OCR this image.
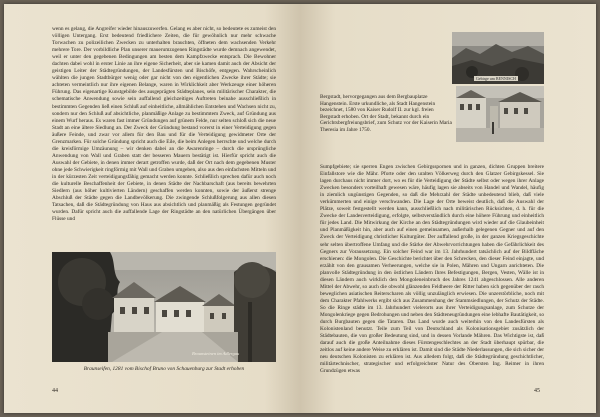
wenn es gelang, die Angreifer wieder hinauszuwerfen. Gelang es aber nicht, so bedeutete es zumeist den völligen Untergang. Erst bedeutend friedlichere Zeiten, die für gewöhnlich nur mehr schwache Torwachen zu polizeilichen Zwecken zu unterhalten brauchten, öffneten dem wachsenden Verkehr mehrere Tore. Der vorbildliche Plan unserer mauerumzogenen Ringstädte wurde demnach angewendet, weil er unter den gegebenen Bedingungen am besten dem Kampfzwecke entsprach. Die Bewohner dachten dabei wohl in erster Linie an ihre eigene Sicherheit, aber sie kamen damit auch der Absicht der geistigen Leiter der Städtegründungen, der Landesfürsten und Bischöfe, entgegen. Wahrscheinlich wählten die jungen Stadtbürger wenig oder gar nicht von den eigentlichen Zwecke ihrer Städte; sie achteten vermeintlich nur ihre eigenen Belange, waren in Wirklichkeit aber Werkzeuge einer höheren Führung. Das eigenartige Kunstgebilde des ausgeprägten Städteplanes, sein militärischer Charakter, die schematische Anwendung sowie sein auffallend gleichzeitiges Auftreten beinahe ausschließlich in bestimmten Gegenden ließ einen Schluß auf einheitliche, allmählichen Entstehen und Wachsen nicht zu, sondern nur den Schluß auf absichtliche, planmäßige Anlage zu bestimmtem Zweck, auf Gründung aus einem Wurf heraus. Es waren fast immer Gründungen auf grünem Felde, nur selten schloß sich die neue Stadt an eine ältere Siedlung an. Der Zweck der Gründung bestand vorerst in einer Verteidigung gegen äußere Feinde, und zwar vor allem für den Bau und für die Verteidigung gewidmeter Orte der Grenzmarken. Für solche Gründung spricht auch die Eile, die beim Anlegen herrschte und welche durch die kreisförmige Umzäunung – wir denken dabei an die Awarenringe – durch die ursprüngliche Anwendung von Wall und Graben statt der besseren Mauern bestätigt ist. Hierfür spricht auch die Auswahl der Gebiete, in denen immer derart getroffen wurde, daß der Ort nach dem gegebenen Muster ohne jede Schwierigkeit ringförmig mit Wall und Graben umgeben, also aus den einfachsten Mitteln und in der kürzesten Zeit verteidigungsfähig gemacht werden konnte. Schließlich sprechen dafür auch noch die kulturelle Beschaffenheit der Gebiete, in denen Städte der Nachbarschaft (aus bereits bewehrten Siedlern (aus höher kultivierten Ländern) geschaffen werden konnten, sowie der äußerst strenge Abschluß der Städte gegen die Landbevölkerung. Die zwingende Schlußfolgerung aus allen diesen Tatsachen, daß die Städtegründung von Haus aus absichtlich und planmäßig als Festungen gegründet wurden. Dafür spricht auch die auffallende Lage der Ringstädte an den natürlichen Übergängen über Flüsse und
Braunsteinen im Adlergau
Braunseifen, 1281 vom Bischof Bruno von Schauenburg zur Stadt erhoben
44
Gebirge um BENNISCH
Bergstadt, hervorgegangen aus dem Bergbauplatze Hangenstein. Erste urkundliche, als Stadt Hangenstein bezeichnet, 1580 von Kaiser Rudolf II. zur kgl. freien Bergstadt erhoben. Ort der Stadt, bekannt durch ein Gerichtsbergfreiungsbrief, zum Schutz vor der Kaiserin Maria Theresia im Jahre 1750.
Sumpfgebiete; sie sperren Engen zwischen Gebirgsspornen und in ganzen, dichten Gruppen breitere Einfallstore wie die Mähr. Pforte oder den uralten Völkerweg durch den Glatzer Gebirgskessel. Sie lagen durchaus nicht immer dort, wo es für die Verteidigung der Städte selbst oder wegen ihrer Anlage Zwecken besonders vorteilhaft gewesen wäre, häufig lagen sie abseits von Handel und Wandel, häufig in ziemlich ungünstigen Gegenden, so daß die Mehrzahl der Städte unbedeutend blieb, daß viele verkümmerten und einige verschwanden. Die Lage der Orte beweist deutlich, daß die Auswahl der Plätze, soweit festgestellt werden kann, ausschließlich nach militärischen Rücksichten, d. h. für die Zwecke der Landesverteidigung, erfolgte, selbstverständlich durch eine höhere Führung und einheitlich für jedes Land. Die Mitwirkung der Kirche an den Städtegründungen wird wieder auf die Glaubeinheit und Planmäßigkeit hin, aber auch auf einen gemeinsamen, außerhalb gelegenen Gegner und auf den Zweck der Verteidigung christlicher Kulturgüter. Der auffallend große, in der ganzen Kriegsgeschichte sehr selten übertroffene Umfang und die Stärke der Abwehrvorrichtungen haben die Gefährlichkeit des Gegners zur Voraussetzung. Ein solcher Feind war im 13. Jahrhundert tatsächlich auf der Bildfläche erschienen: die Mongolen. Die Geschichte berichtet über den Schrecken, den dieser Feind einjagte, und erzählt von den grausamen Verheerungen, welche sie in Polen, Mähren und Ungarn anrichteten. Die planvolle Städtegründung in den östlichen Ländern Ihres Befestigungen, Bergen, Vesten, Wälle ist in diesen Ländern auch wirklich den Mongoleneinbruch des Jahres 1241 abgeschlossen. Alle anderen Mittel der Abwehr, so auch die obwohl glänzenden Feldheere der Ritter haben sich gegenüber der rasch beweglichen asiatischen Reiterscharen als völlig unzulänglich erwiesen. Die unzerstörbliche, noch mit dem Charakter Pfahlwerks ergibt sich aus Zusammenhang der Stammsiedlungen, der Schutz der Städte. So die Ringe städte im 13. Jahrhundert vielerorts aus ihrer Verteidigungsanlage, zum Schutze der Mongolenkriege gegen Bedrohungen und neben den Städteneugründungen eine lebhafte Bautätigkeit, so durch Burgbauten gegen die Tataren. Das Land wurde auch weiterhin von den Landesfürsten als Kolonistenland benutzt. Teile zum Teil von Deutschland als Kolonisationsgebiet zusätzlich der Städtebauten, die von großer Bedeutung sind, und in dessen Vorlande Mähren. Das Wichtigste ist, daß darauf auch die große Anteilnahme dieses Fürstengeschlechtes an der Stadt überhaupt spürbar, die zeitlos auf keine andere Weise zu erklären ist. Damit sind die Städte Niederlassungen, die sich sicher der neu deutschen Kolonisten zu erklären ist. Aus alledem folgt, daß die Städtegründung geschichtlicher, militärtechnischer, strategischer und erfolgreichster Natur des Obersten Ing. Reimer in ihren Grundzügen etwas
45
